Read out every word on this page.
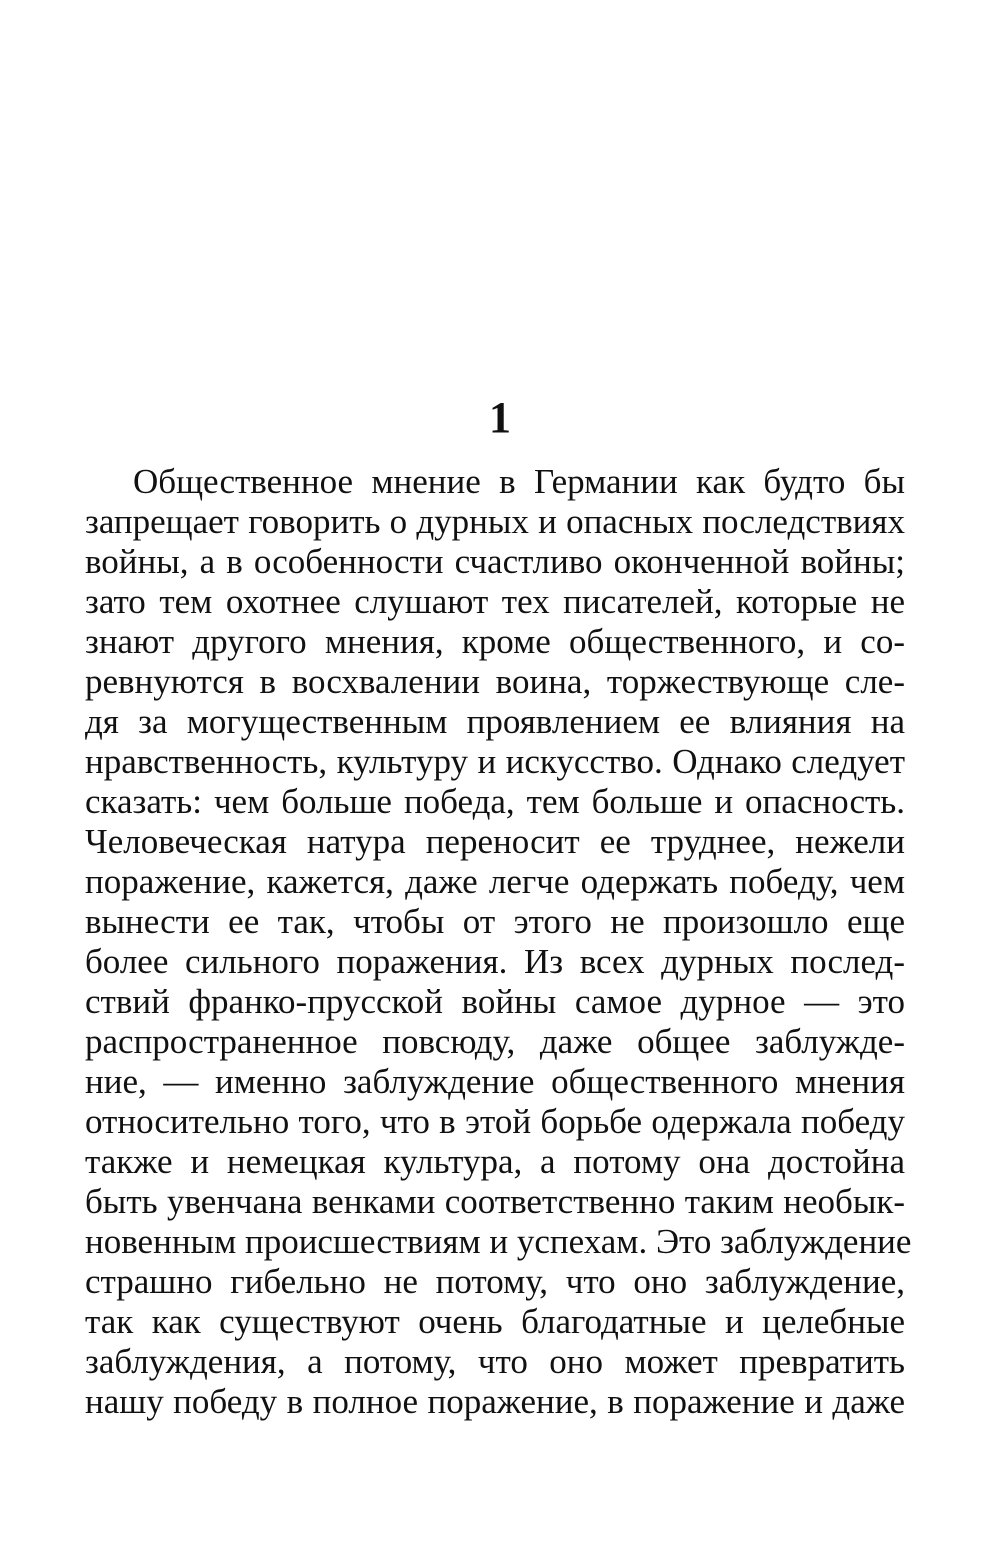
1
Общественное мнение в Германии как будто бы
запрещает говорить о дурных и опасных последствиях
войны, а в особенности счастливо оконченной войны;
зато тем охотнее слушают тех писателей, которые не
знают другого мнения, кроме общественного, и со-
ревнуются в восхвалении воина, торжествующе сле-
дя за могущественным проявлением ее влияния на
нравственность, культуру и искусство. Однако следует
сказать: чем больше победа, тем больше и опасность.
Человеческая натура переносит ее труднее, нежели
поражение, кажется, даже легче одержать победу, чем
вынести ее так, чтобы от этого не произошло еще
более сильного поражения. Из всех дурных послед-
ствий франко-прусской войны самое дурное — это
распространенное повсюду, даже общее заблужде-
ние, — именно заблуждение общественного мнения
относительно того, что в этой борьбе одержала победу
также и немецкая культура, а потому она достойна
быть увенчана венками соответственно таким необык-
новенным происшествиям и успехам. Это заблуждение
страшно гибельно не потому, что оно заблуждение,
так как существуют очень благодатные и целебные
заблуждения, а потому, что оно может превратить
нашу победу в полное поражение, в поражение и даже
